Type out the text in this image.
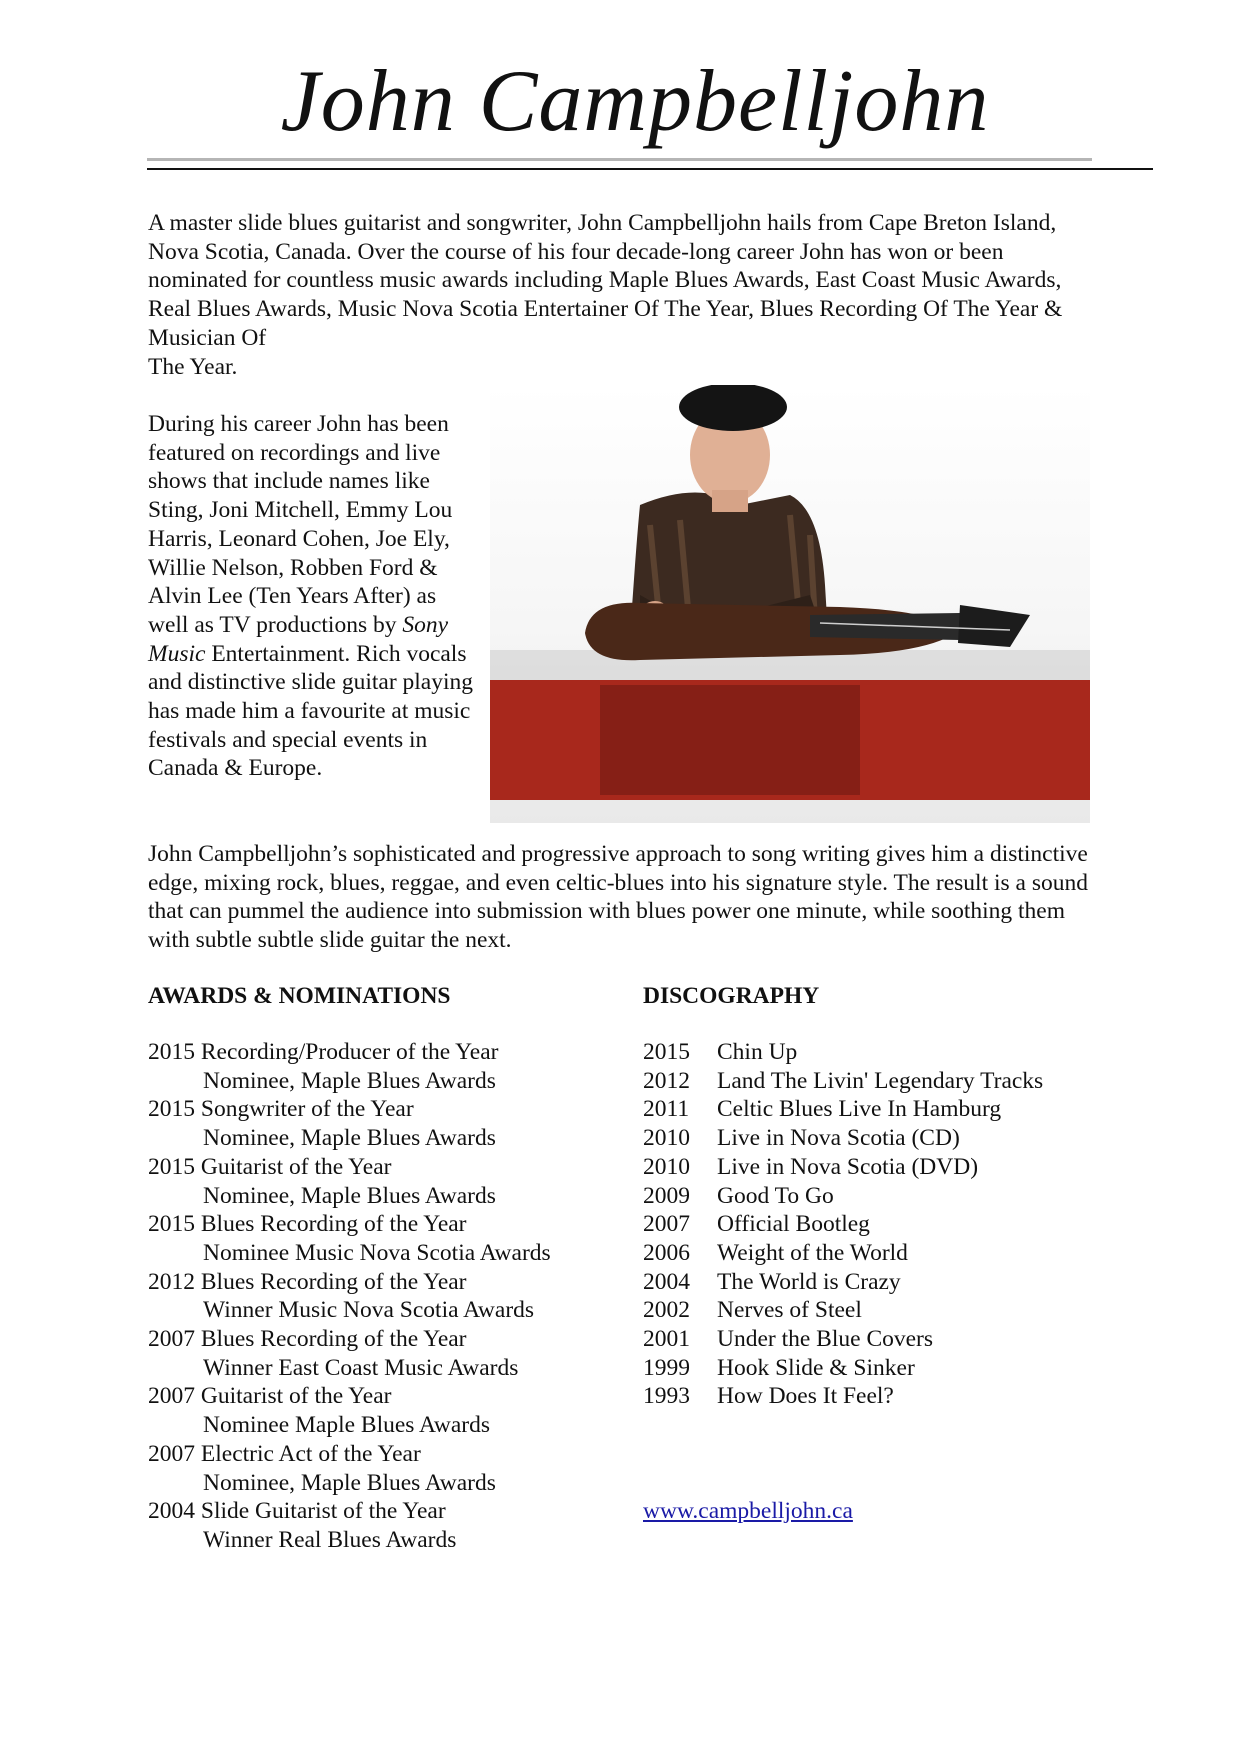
John Campbelljohn

A master slide blues guitarist and songwriter, John Campbelljohn hails from Cape Breton Island, Nova Scotia, Canada. Over the course of his four decade-long career John has won or been nominated for countless music awards including Maple Blues Awards, East Coast Music Awards, Real Blues Awards, Music Nova Scotia Entertainer Of The Year, Blues Recording Of The Year & Musician Of
The Year.

During his career John has been featured on recordings and live shows that include names like Sting, Joni Mitchell, Emmy Lou Harris, Leonard Cohen, Joe Ely, Willie Nelson, Robben Ford & Alvin Lee (Ten Years After) as well as TV productions by Sony Music Entertainment. Rich vocals and distinctive slide guitar playing has made him a favourite at music festivals and special events in Canada & Europe.

John Campbelljohn’s sophisticated and progressive approach to song writing gives him a distinctive edge, mixing rock, blues, reggae, and even celtic-blues into his signature style. The result is a sound that can pummel the audience into submission with blues power one minute, while soothing them with subtle subtle slide guitar the next.

AWARDS & NOMINATIONS	DISCOGRAPHY
2015 Recording/Producer of the Year
Nominee, Maple Blues Awards
2015 Songwriter of the Year
Nominee, Maple Blues Awards
2015 Guitarist of the Year
Nominee, Maple Blues Awards
2015 Blues Recording of the Year
Nominee Music Nova Scotia Awards
2012 Blues Recording of the Year
Winner Music Nova Scotia Awards
2007 Blues Recording of the Year
Winner East Coast Music Awards
2007 Guitarist of the Year
Nominee Maple Blues Awards
2007 Electric Act of the Year
Nominee, Maple Blues Awards
2004 Slide Guitarist of the Year
Winner Real Blues Awards
2015	Chin Up
2012	Land The Livin' Legendary Tracks
2011	Celtic Blues Live In Hamburg
2010	Live in Nova Scotia (CD)
2010	Live in Nova Scotia (DVD)
2009	Good To Go
2007	Official Bootleg
2006	Weight of the World
2004	The World is Crazy
2002	Nerves of Steel
2001	Under the Blue Covers
1999	Hook Slide & Sinker
1993	How Does It Feel?
www.campbelljohn.ca
